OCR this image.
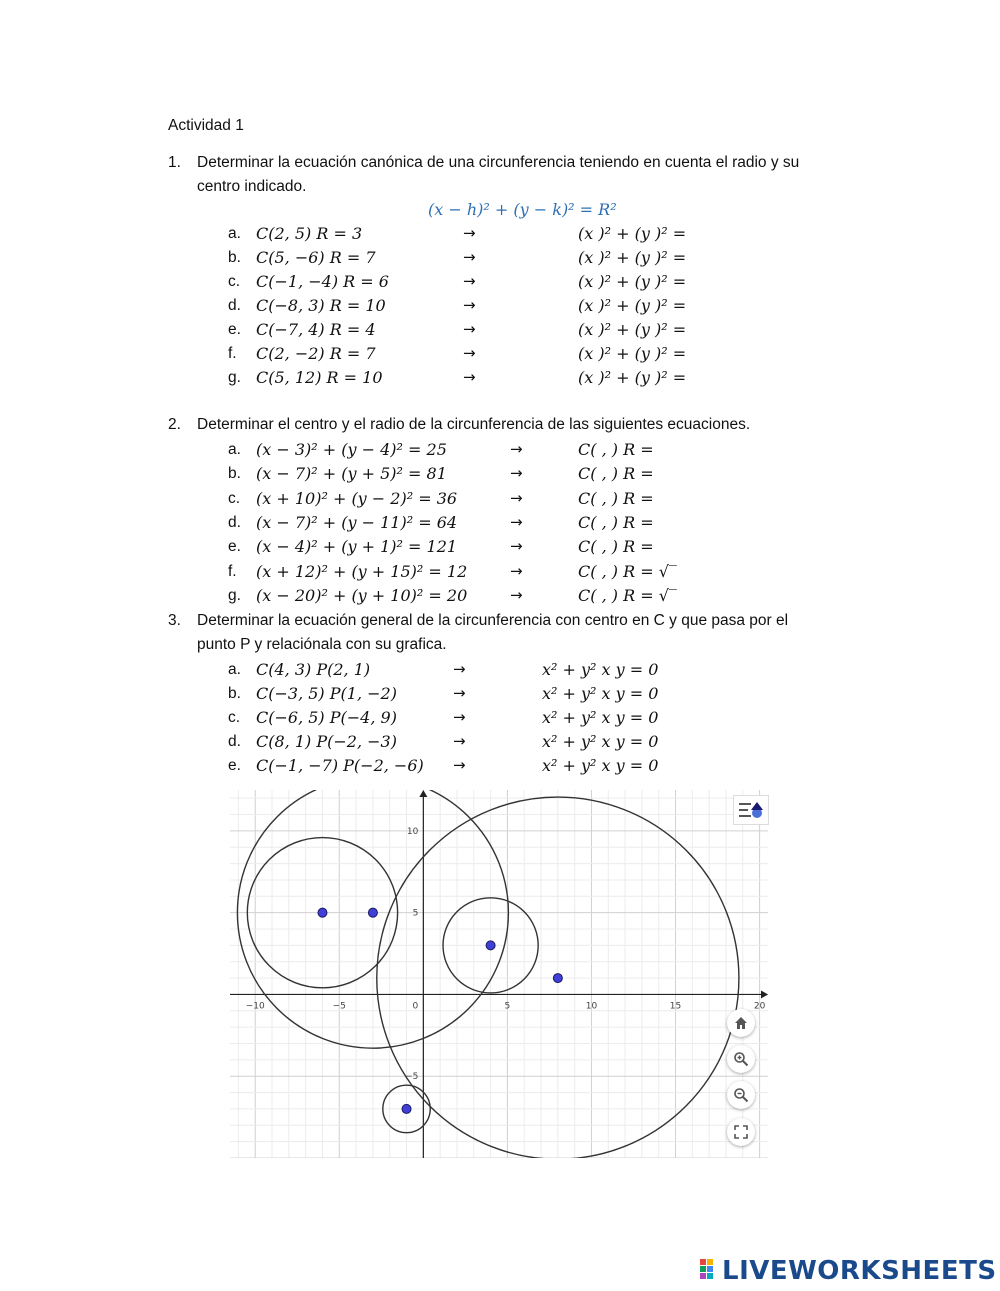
Actividad 1
1. Determinar la ecuación canónica de una circunferencia teniendo en cuenta el radio y su
centro indicado.
(x − h)² + (y − k)² = R²
a. C(2, 5) R = 3	→	(x )² + (y )² =
b. C(5, −6) R = 7	→	(x )² + (y )² =
c. C(−1, −4) R = 6	→	(x )² + (y )² =
d. C(−8, 3) R = 10	→	(x )² + (y )² =
e. C(−7, 4) R = 4	→	(x )² + (y )² =
f. C(2, −2) R = 7	→	(x )² + (y )² =
g. C(5, 12) R = 10	→	(x )² + (y )² =
2. Determinar el centro y el radio de la circunferencia de las siguientes ecuaciones.
a. (x − 3)² + (y − 4)² = 25	→	C( , ) R =
b. (x − 7)² + (y + 5)² = 81	→	C( , ) R =
c. (x + 10)² + (y − 2)² = 36	→	C( , ) R =
d. (x − 7)² + (y − 11)² = 64	→	C( , ) R =
e. (x − 4)² + (y + 1)² = 121	→	C( , ) R =
f. (x + 12)² + (y + 15)² = 12	→	C( , ) R = √‾
g. (x − 20)² + (y + 10)² = 20	→	C( , ) R = √‾
3. Determinar la ecuación general de la circunferencia con centro en C y que pasa por el
punto P y relaciónala con su grafica.
a. C(4, 3) P(2, 1)	→	x² + y² x y = 0
b. C(−3, 5) P(1, −2)	→	x² + y² x y = 0
c. C(−6, 5) P(−4, 9)	→	x² + y² x y = 0
d. C(8, 1) P(−2, −3)	→	x² + y² x y = 0
e. C(−1, −7) P(−2, −6) →	x² + y² x y = 0
−10	−5	0	5	10	15	20
10
5
−5
LIVEWORKSHEETS
